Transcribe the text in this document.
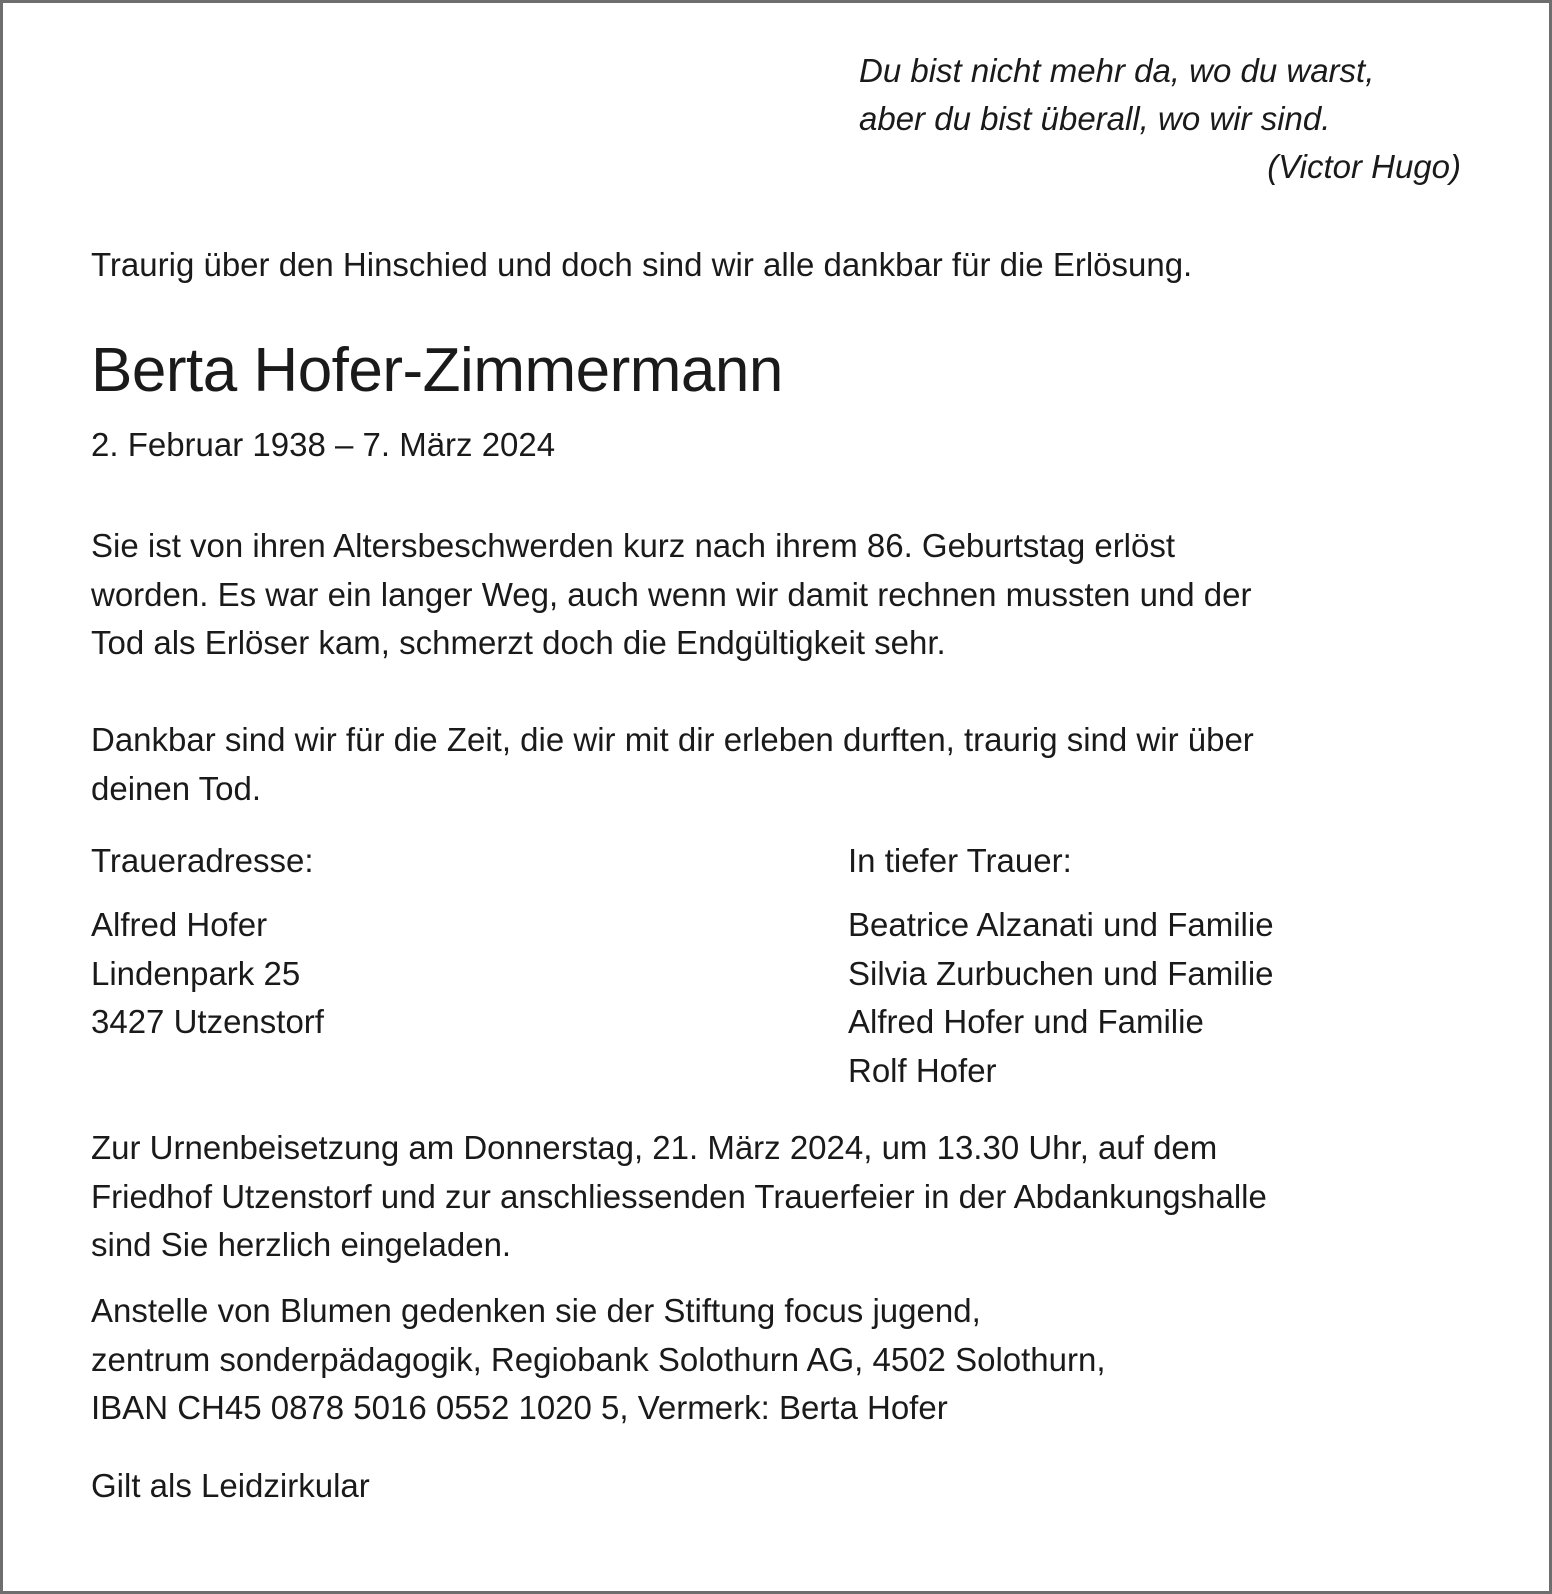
Du bist nicht mehr da, wo du warst,
aber du bist überall, wo wir sind.
(Victor Hugo)

Traurig über den Hinschied und doch sind wir alle dankbar für die Erlösung.

Berta Hofer-Zimmermann

2. Februar 1938 – 7. März 2024

Sie ist von ihren Altersbeschwerden kurz nach ihrem 86. Geburtstag erlöst
worden. Es war ein langer Weg, auch wenn wir damit rechnen mussten und der
Tod als Erlöser kam, schmerzt doch die Endgültigkeit sehr.
Dankbar sind wir für die Zeit, die wir mit dir erleben durften, traurig sind wir über
deinen Tod.

Traueradresse:

Alfred Hofer
Lindenpark 25
3427 Utzenstorf

In tiefer Trauer:

Beatrice Alzanati und Familie
Silvia Zurbuchen und Familie
Alfred Hofer und Familie
Rolf Hofer
Zur Urnenbeisetzung am Donnerstag, 21. März 2024, um 13.30 Uhr, auf dem
Friedhof Utzenstorf und zur anschliessenden Trauerfeier in der Abdankungshalle
sind Sie herzlich eingeladen.
Anstelle von Blumen gedenken sie der Stiftung focus jugend,
zentrum sonderpädagogik, Regiobank Solothurn AG, 4502 Solothurn,
IBAN CH45 0878 5016 0552 1020 5, Vermerk: Berta Hofer

Gilt als Leidzirkular
